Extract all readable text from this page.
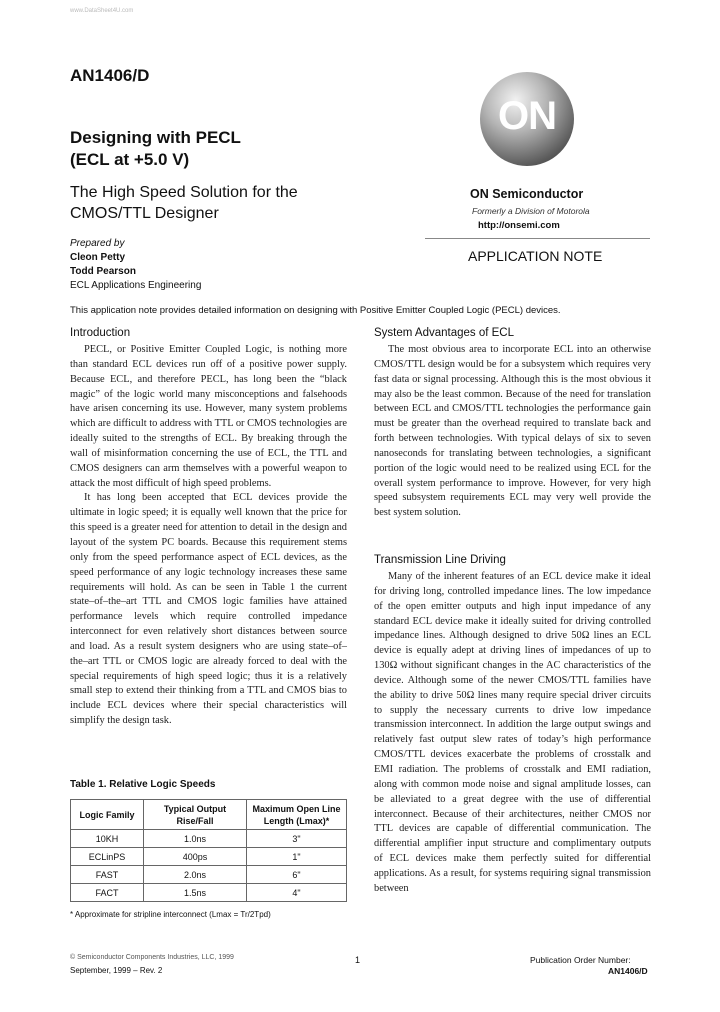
www.DataSheet4U.com
AN1406/D
Designing with PECL
(ECL at +5.0 V)
The High Speed Solution for the
CMOS/TTL Designer
Prepared by
Cleon Petty
Todd Pearson
ECL Applications Engineering
ON
ON Semiconductor
Formerly a Division of Motorola
http://onsemi.com
APPLICATION NOTE
This application note provides detailed information on designing with Positive Emitter Coupled Logic (PECL) devices.
Introduction

PECL, or Positive Emitter Coupled Logic, is nothing more than standard ECL devices run off of a positive power supply. Because ECL, and therefore PECL, has long been the “black magic” of the logic world many misconceptions and falsehoods have arisen concerning its use. However, many system problems which are difficult to address with TTL or CMOS technologies are ideally suited to the strengths of ECL. By breaking through the wall of misinformation concerning the use of ECL, the TTL and CMOS designers can arm themselves with a powerful weapon to attack the most difficult of high speed problems.

It has long been accepted that ECL devices provide the ultimate in logic speed; it is equally well known that the price for this speed is a greater need for attention to detail in the design and layout of the system PC boards. Because this requirement stems only from the speed performance aspect of ECL devices, as the speed performance of any logic technology increases these same requirements will hold. As can be seen in Table 1 the current state–of–the–art TTL and CMOS logic families have attained performance levels which require controlled impedance interconnect for even relatively short distances between source and load. As a result system designers who are using state–of–the–art TTL or CMOS logic are already forced to deal with the special requirements of high speed logic; thus it is a relatively small step to extend their thinking from a TTL and CMOS bias to include ECL devices where their special characteristics will simplify the design task.

Table 1. Relative Logic Speeds
Logic Family	Typical Output Rise/Fall	Maximum Open Line Length (Lmax)*
10KH	1.0ns	3"
ECLinPS	400ps	1"
FAST	2.0ns	6"
FACT	1.5ns	4"
* Approximate for stripline interconnect (Lmax = Tr/2Tpd)
System Advantages of ECL

The most obvious area to incorporate ECL into an otherwise CMOS/TTL design would be for a subsystem which requires very fast data or signal processing. Although this is the most obvious it may also be the least common. Because of the need for translation between ECL and CMOS/TTL technologies the performance gain must be greater than the overhead required to translate back and forth between technologies. With typical delays of six to seven nanoseconds for translating between technologies, a significant portion of the logic would need to be realized using ECL for the overall system performance to improve. However, for very high speed subsystem requirements ECL may very well provide the best system solution.

Transmission Line Driving

Many of the inherent features of an ECL device make it ideal for driving long, controlled impedance lines. The low impedance of the open emitter outputs and high input impedance of any standard ECL device make it ideally suited for driving controlled impedance lines. Although designed to drive 50Ω lines an ECL device is equally adept at driving lines of impedances of up to 130Ω without significant changes in the AC characteristics of the device. Although some of the newer CMOS/TTL families have the ability to drive 50Ω lines many require special driver circuits to supply the necessary currents to drive low impedance transmission interconnect. In addition the large output swings and relatively fast output slew rates of today’s high performance CMOS/TTL devices exacerbate the problems of crosstalk and EMI radiation. The problems of crosstalk and EMI radiation, along with common mode noise and signal amplitude losses, can be alleviated to a great degree with the use of differential interconnect. Because of their architectures, neither CMOS nor TTL devices are capable of differential communication. The differential amplifier input structure and complimentary outputs of ECL devices make them perfectly suited for differential applications. As a result, for systems requiring signal transmission between

© Semiconductor Components Industries, LLC, 1999
September, 1999 – Rev. 2
1	Publication Order Number:
AN1406/D
